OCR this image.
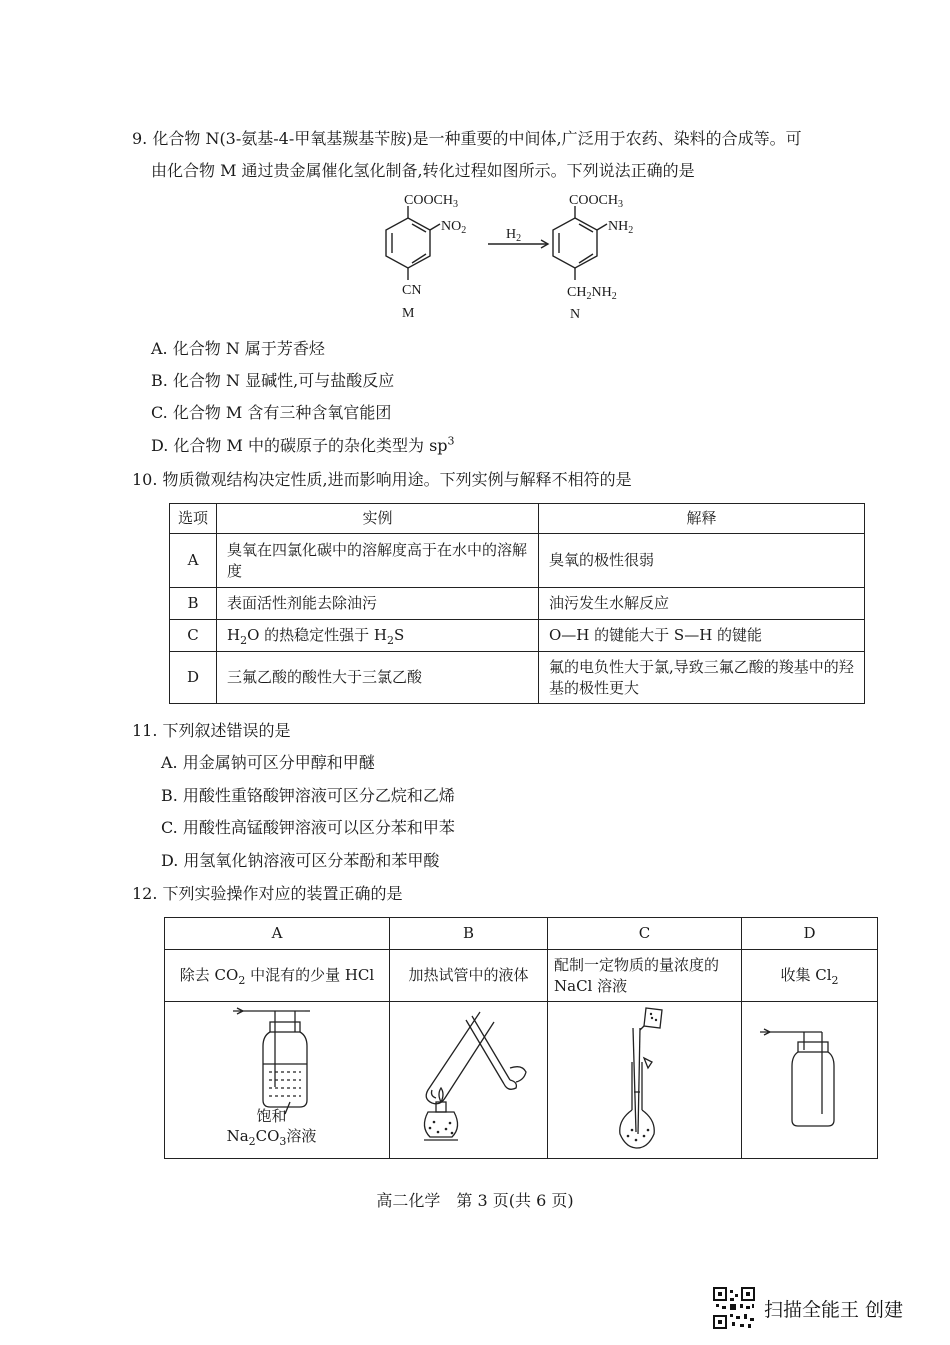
9. 化合物 N(3-氨基-4-甲氧基羰基苄胺)是一种重要的中间体,广泛用于农药、染料的合成等。可
由化合物 M 通过贵金属催化氢化制备,转化过程如图所示。下列说法正确的是
$COOCH_3$
$NO_2$
CN
M
$H_2$
$COOCH_3$
$NH_2$
$CH_2NH_2$
N
A. 化合物 N 属于芳香烃
B. 化合物 N 显碱性,可与盐酸反应
C. 化合物 M 含有三种含氧官能团
D. 化合物 M 中的碳原子的杂化类型为 $sp^3$
10. 物质微观结构决定性质,进而影响用途。下列实例与解释不相符的是
选项	实例	解释
A	臭氧在四氯化碳中的溶解度高于在水中的溶解度	臭氧的极性很弱
B	表面活性剂能去除油污	油污发生水解反应
C	$H_2O$ 的热稳定性强于 $H_2S$	O—H 的键能大于 S—H 的键能
D	三氟乙酸的酸性大于三氯乙酸	氟的电负性大于氯,导致三氟乙酸的羧基中的羟基的极性更大
11. 下列叙述错误的是
A. 用金属钠可区分甲醇和甲醚
B. 用酸性重铬酸钾溶液可区分乙烷和乙烯
C. 用酸性高锰酸钾溶液可以区分苯和甲苯
D. 用氢氧化钠溶液可区分苯酚和苯甲酸
12. 下列实验操作对应的装置正确的是
A	B	C	D
除去 $CO_2$ 中混有的少量 HCl	加热试管中的液体	配制一定物质的量浓度的 NaCl 溶液	收集 $Cl_2$

饱和
$Na_2CO_3$溶液

高二化学　第 3 页(共 6 页)
扫描全能王 创建
